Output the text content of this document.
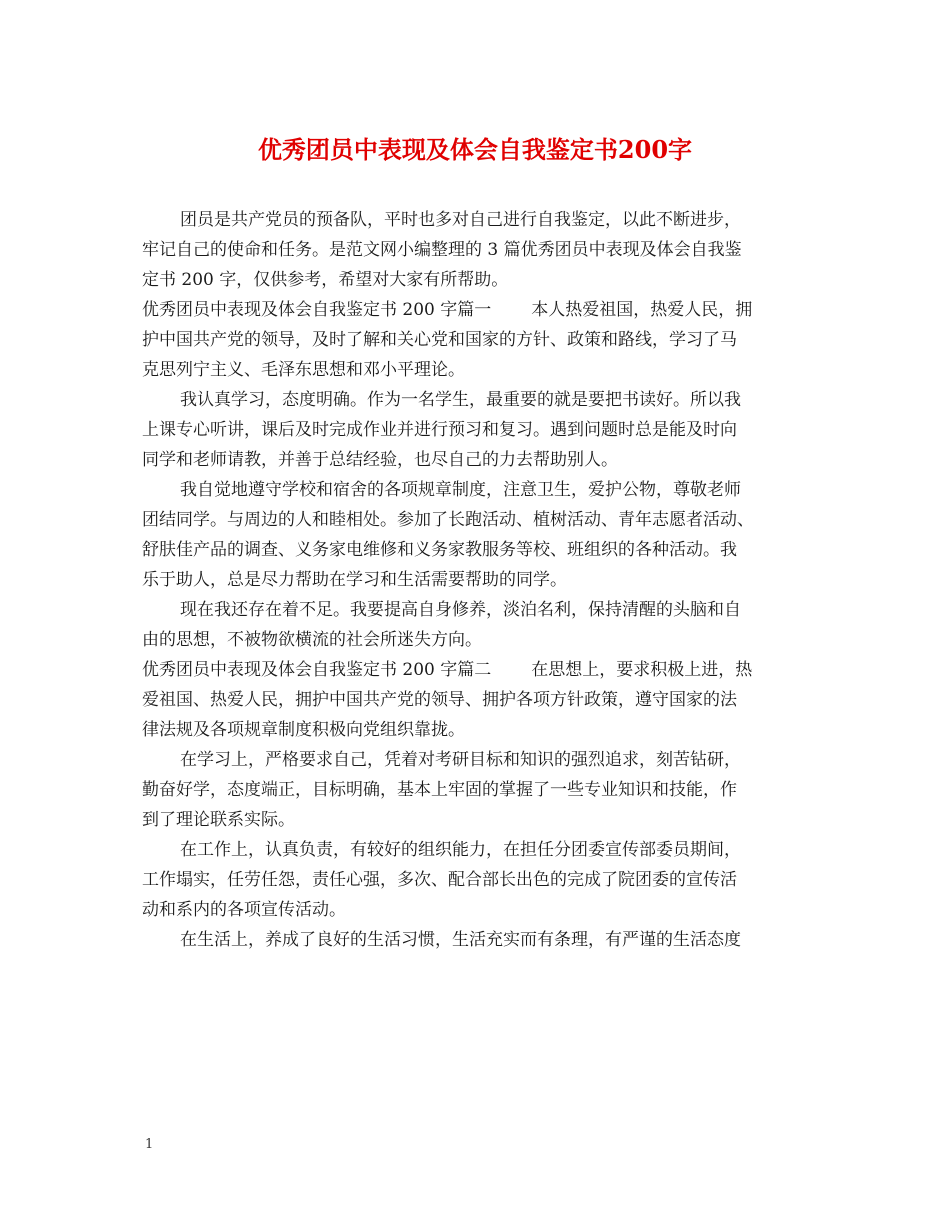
优秀团员中表现及体会自我鉴定书200字
团员是共产党员的预备队，平时也多对自己进行自我鉴定，以此不断进步，
牢记自己的使命和任务。是范文网小编整理的 3 篇优秀团员中表现及体会自我鉴
定书 200 字，仅供参考，希望对大家有所帮助。
优秀团员中表现及体会自我鉴定书 200 字篇一 本人热爱祖国，热爱人民，拥
护中国共产党的领导，及时了解和关心党和国家的方针、政策和路线，学习了马
克思列宁主义、毛泽东思想和邓小平理论。
我认真学习，态度明确。作为一名学生，最重要的就是要把书读好。所以我
上课专心听讲，课后及时完成作业并进行预习和复习。遇到问题时总是能及时向
同学和老师请教，并善于总结经验，也尽自己的力去帮助别人。
我自觉地遵守学校和宿舍的各项规章制度，注意卫生，爱护公物，尊敬老师
团结同学。与周边的人和睦相处。参加了长跑活动、植树活动、青年志愿者活动、
舒肤佳产品的调查、义务家电维修和义务家教服务等校、班组织的各种活动。我
乐于助人，总是尽力帮助在学习和生活需要帮助的同学。
现在我还存在着不足。我要提高自身修养，淡泊名利，保持清醒的头脑和自
由的思想，不被物欲横流的社会所迷失方向。
优秀团员中表现及体会自我鉴定书 200 字篇二 在思想上，要求积极上进，热
爱祖国、热爱人民，拥护中国共产党的领导、拥护各项方针政策，遵守国家的法
律法规及各项规章制度积极向党组织靠拢。
在学习上，严格要求自己，凭着对考研目标和知识的强烈追求，刻苦钻研，
勤奋好学，态度端正，目标明确，基本上牢固的掌握了一些专业知识和技能，作
到了理论联系实际。
在工作上，认真负责，有较好的组织能力，在担任分团委宣传部委员期间，
工作塌实，任劳任怨，责任心强，多次、配合部长出色的完成了院团委的宣传活
动和系内的各项宣传活动。
在生活上，养成了良好的生活习惯，生活充实而有条理，有严谨的生活态度
1
